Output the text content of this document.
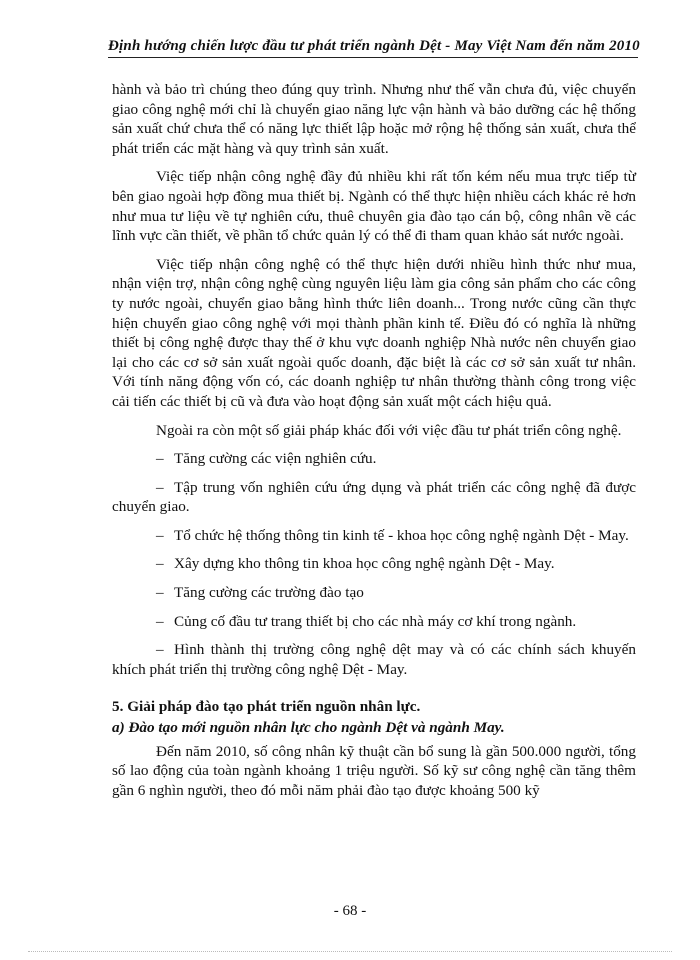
Định hướng chiến lược đầu tư phát triển ngành Dệt - May Việt Nam đến năm 2010

hành và bảo trì chúng theo đúng quy trình. Nhưng như thế vẫn chưa đủ, việc chuyển giao công nghệ mới chỉ là chuyển giao năng lực vận hành và bảo dưỡng các hệ thống sản xuất chứ chưa thể có năng lực thiết lập hoặc mở rộng hệ thống sản xuất, chưa thể phát triển các mặt hàng và quy trình sản xuất.

Việc tiếp nhận công nghệ đầy đủ nhiều khi rất tốn kém nếu mua trực tiếp từ bên giao ngoài hợp đồng mua thiết bị. Ngành có thể thực hiện nhiều cách khác rẻ hơn như mua tư liệu về tự nghiên cứu, thuê chuyên gia đào tạo cán bộ, công nhân về các lĩnh vực cần thiết, về phần tổ chức quản lý có thể đi tham quan khảo sát nước ngoài.

Việc tiếp nhận công nghệ có thể thực hiện dưới nhiều hình thức như mua, nhận viện trợ, nhận công nghệ cùng nguyên liệu làm gia công sản phẩm cho các công ty nước ngoài, chuyển giao bằng hình thức liên doanh... Trong nước cũng cần thực hiện chuyển giao công nghệ với mọi thành phần kinh tế. Điều đó có nghĩa là những thiết bị công nghệ được thay thế ở khu vực doanh nghiệp Nhà nước nên chuyển giao lại cho các cơ sở sản xuất ngoài quốc doanh, đặc biệt là các cơ sở sản xuất tư nhân. Với tính năng động vốn có, các doanh nghiệp tư nhân thường thành công trong việc cải tiến các thiết bị cũ và đưa vào hoạt động sản xuất một cách hiệu quả.

Ngoài ra còn một số giải pháp khác đối với việc đầu tư phát triển công nghệ.

– Tăng cường các viện nghiên cứu.
– Tập trung vốn nghiên cứu ứng dụng và phát triển các công nghệ đã được chuyển giao.
– Tổ chức hệ thống thông tin kinh tế - khoa học công nghệ ngành Dệt - May.
– Xây dựng kho thông tin khoa học công nghệ ngành Dệt - May.
– Tăng cường các trường đào tạo
– Củng cố đầu tư trang thiết bị cho các nhà máy cơ khí trong ngành.
– Hình thành thị trường công nghệ dệt may và có các chính sách khuyến khích phát triển thị trường công nghệ Dệt - May.
5. Giải pháp đào tạo phát triển nguồn nhân lực.
a) Đào tạo mới nguồn nhân lực cho ngành Dệt và ngành May.

Đến năm 2010, số công nhân kỹ thuật cần bổ sung là gần 500.000 người, tổng số lao động của toàn ngành khoảng 1 triệu người. Số kỹ sư công nghệ cần tăng thêm gần 6 nghìn người, theo đó mỗi năm phải đào tạo được khoảng 500 kỹ

- 68 -
